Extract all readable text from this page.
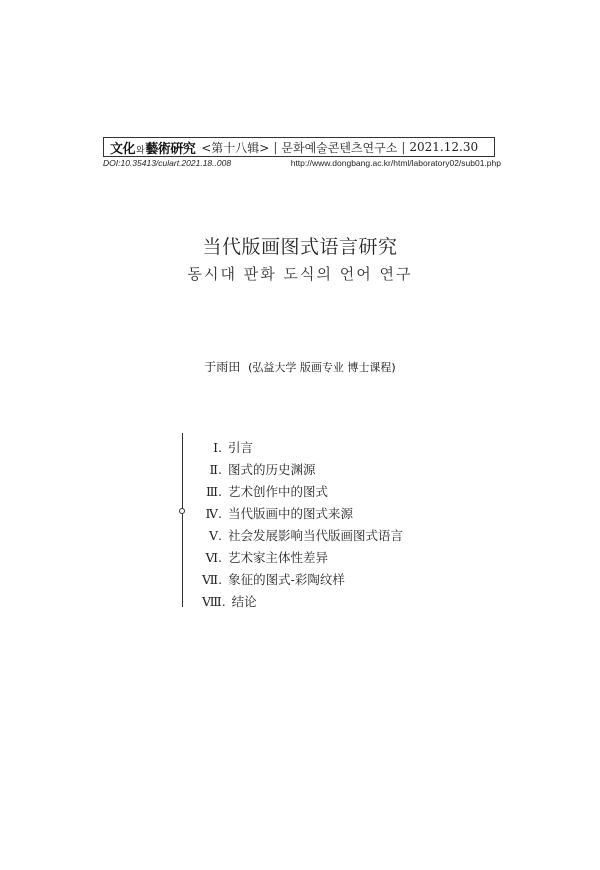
文化와藝術硏究 <第十八辑> | 문화예술콘텐츠연구소 | 2021.12.30
DOI:10.35413/culart.2021.18..008	http://www.dongbang.ac.kr/html/laboratory02/sub01.php
当代版画图式语言研究
동시대 판화 도식의 언어 연구
于雨田 (弘益大学 版画专业 博士课程)
Ⅰ. 引言
Ⅱ. 图式的历史渊源
Ⅲ. 艺术创作中的图式
Ⅳ. 当代版画中的图式来源
Ⅴ. 社会发展影响当代版画图式语言
Ⅵ. 艺术家主体性差异
Ⅶ. 象征的图式-彩陶纹样
Ⅷ. 结论
